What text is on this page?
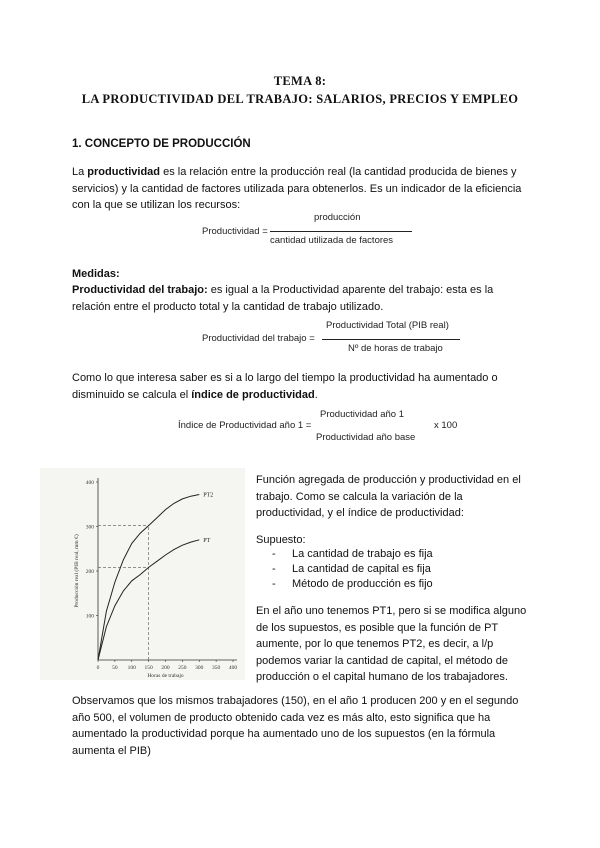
TEMA 8:
LA PRODUCTIVIDAD DEL TRABAJO: SALARIOS, PRECIOS Y EMPLEO
1. CONCEPTO DE PRODUCCIÓN
La productividad es la relación entre la producción real (la cantidad producida de bienes y servicios) y la cantidad de factores utilizada para obtenerlos. Es un indicador de la eficiencia con la que se utilizan los recursos:
Productividad =
producción
cantidad utilizada de factores
Medidas:
Productividad del trabajo: es igual a la Productividad aparente del trabajo: esta es la relación entre el producto total y la cantidad de trabajo utilizado.
Productividad del trabajo =
Productividad Total (PIB real)
Nº de horas de trabajo
Como lo que interesa saber es si a lo largo del tiempo la productividad ha aumentado o disminuido se calcula el índice de productividad.
Índice de Productividad año 1 =
Productividad año 1
Productividad año base
x 100
0 50 100 150 200 250 300 350 400
100
200
300
400
Horas de trabajo
Producción real (PIB real, mm €)
PT2
PT
Función agregada de producción y productividad en el trabajo. Como se calcula la variación de la productividad, y el índice de productividad:
Supuesto:
- La cantidad de trabajo es fija
- La cantidad de capital es fija
- Método de producción es fijo
En el año uno tenemos PT1, pero si se modifica alguno de los supuestos, es posible que la función de PT aumente, por lo que tenemos PT2, es decir, a l/p podemos variar la cantidad de capital, el método de producción o el capital humano de los trabajadores.
Observamos que los mismos trabajadores (150), en el año 1 producen 200 y en el segundo año 500, el volumen de producto obtenido cada vez es más alto, esto significa que ha aumentado la productividad porque ha aumentado uno de los supuestos (en la fórmula aumenta el PIB)
